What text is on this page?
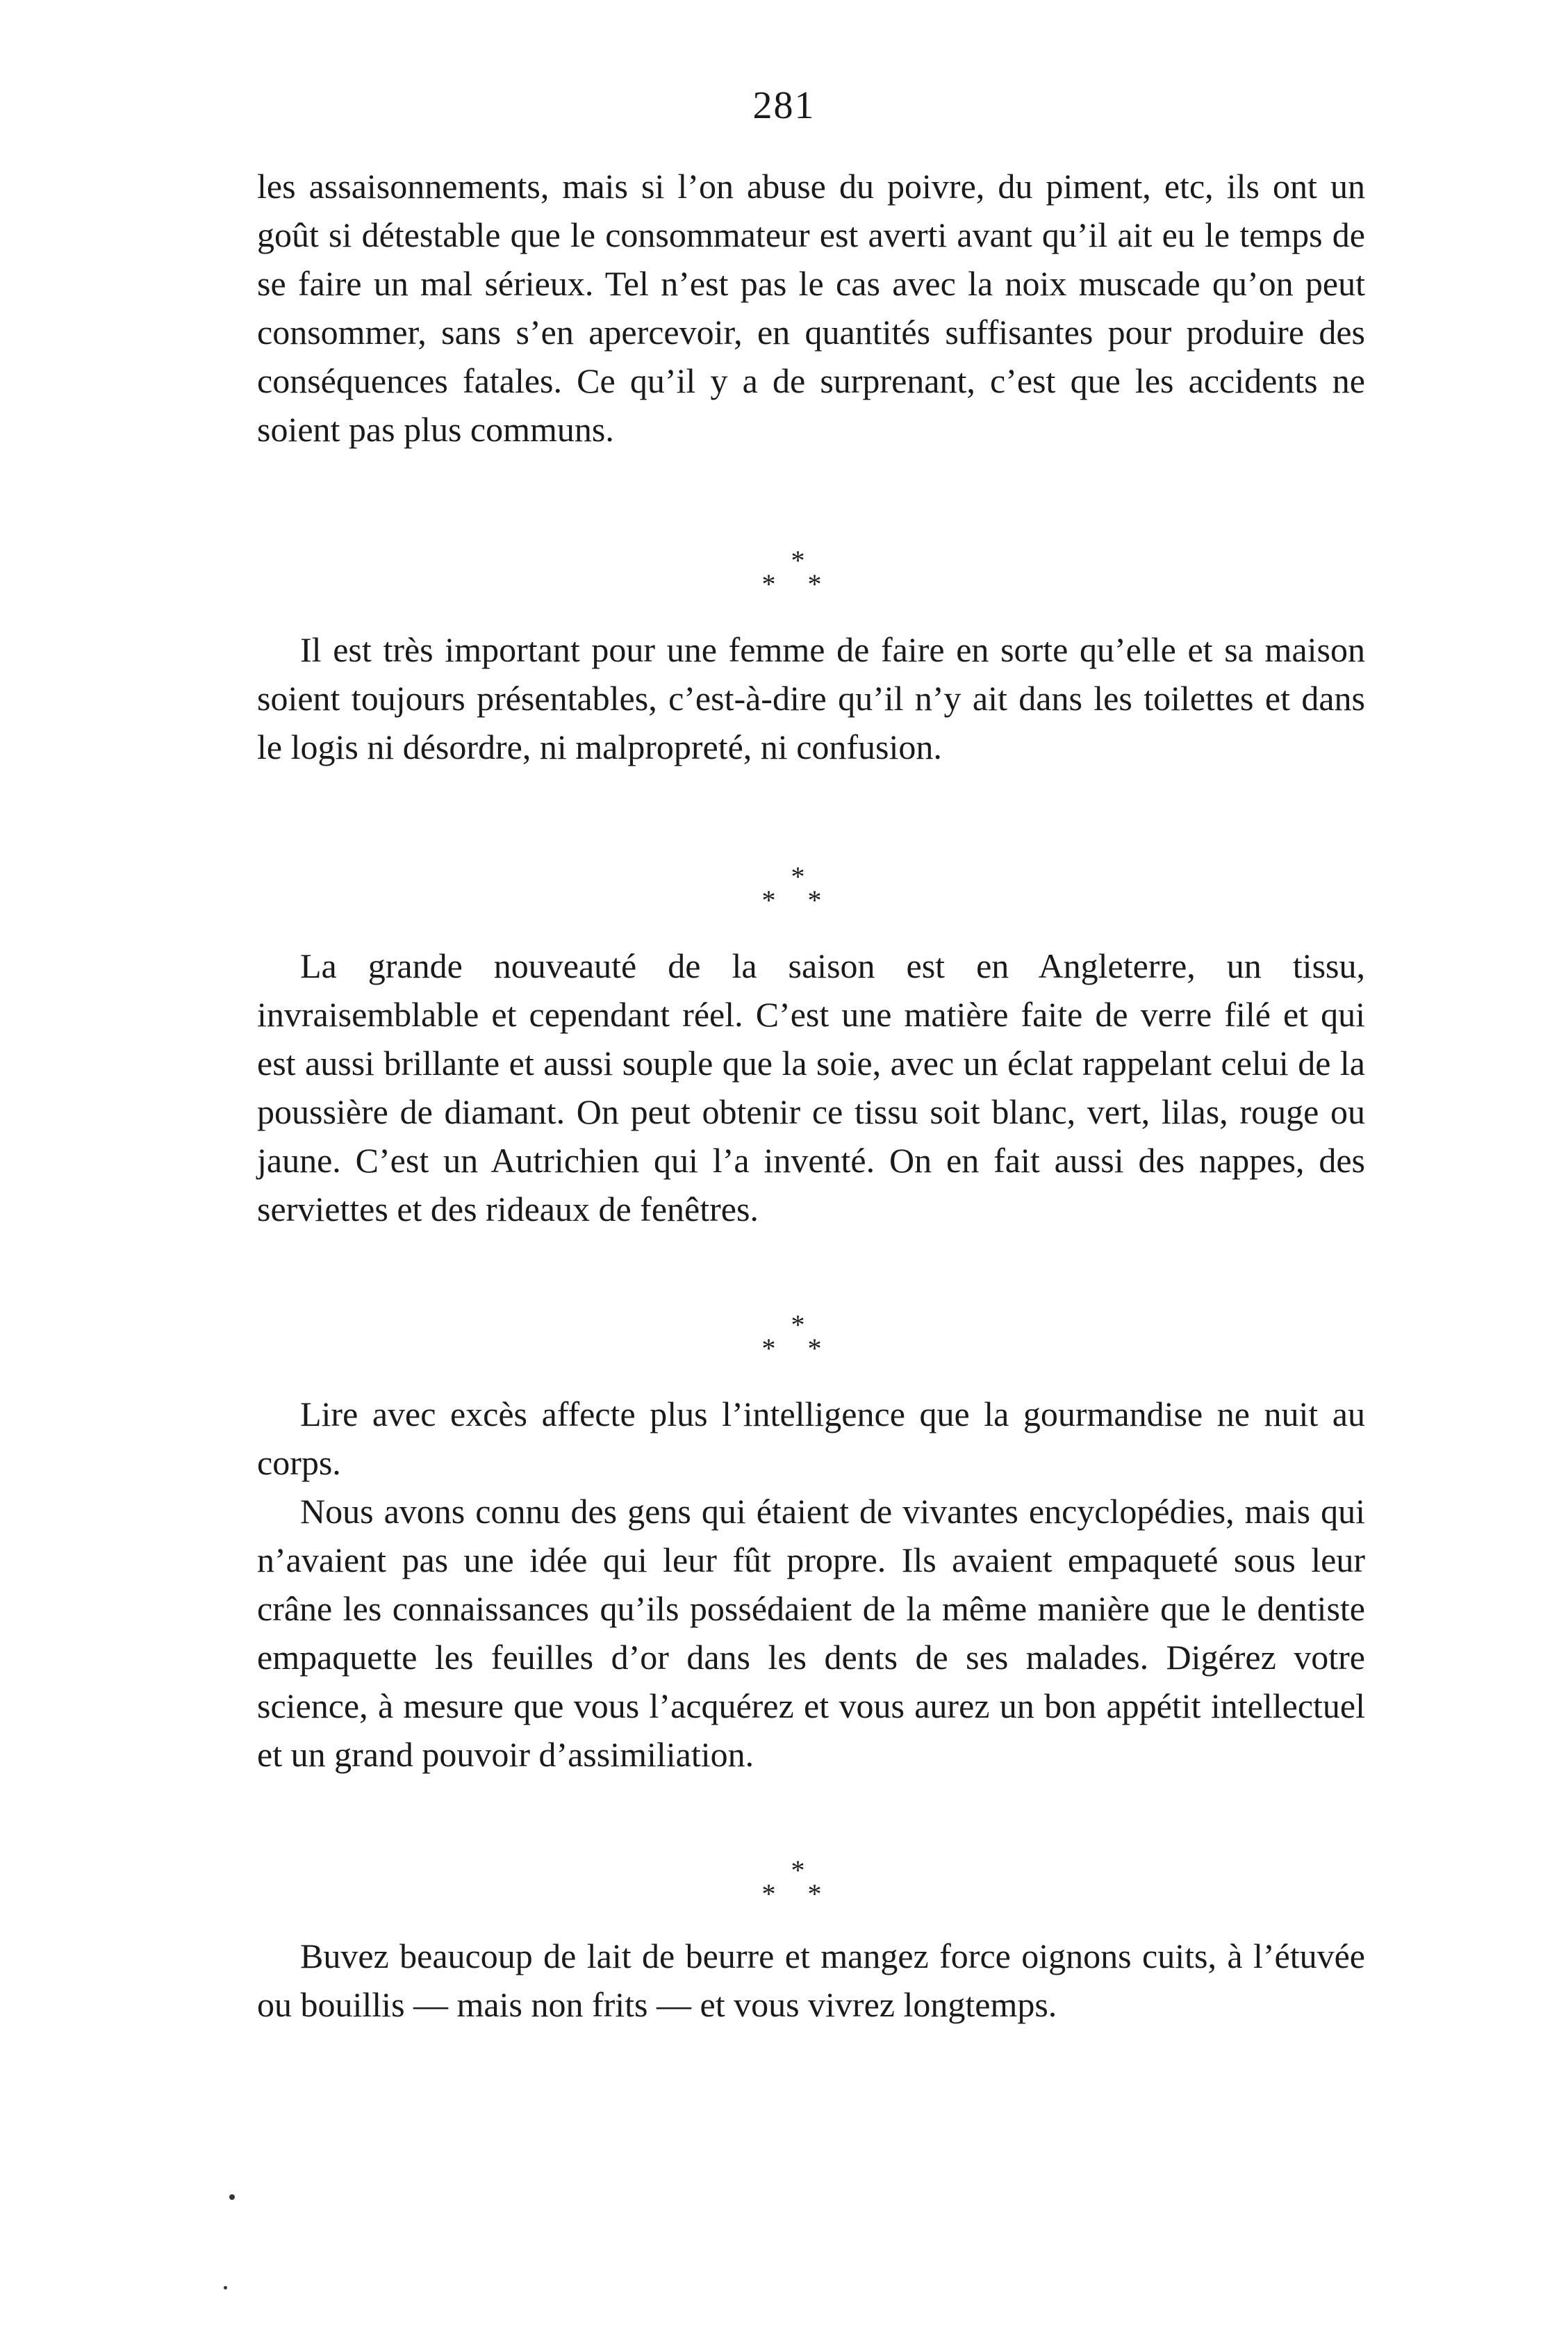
281

les assaisonnements, mais si l’on abuse du poivre, du piment, etc, ils ont un goût si détestable que le consommateur est averti avant qu’il ait eu le temps de se faire un mal sérieux. Tel n’est pas le cas avec la noix muscade qu’on peut consommer, sans s’en apercevoir, en quantités suffisantes pour produire des conséquences fatales. Ce qu’il y a de surprenant, c’est que les accidents ne soient pas plus communs.

*
* *

Il est très important pour une femme de faire en sorte qu’elle et sa maison soient toujours présentables, c’est-à-dire qu’il n’y ait dans les toilettes et dans le logis ni désordre, ni malpropreté, ni confusion.

*
* *

La grande nouveauté de la saison est en Angleterre, un tissu, invraisemblable et cependant réel. C’est une matière faite de verre filé et qui est aussi brillante et aussi souple que la soie, avec un éclat rappelant celui de la poussière de diamant. On peut obtenir ce tissu soit blanc, vert, lilas, rouge ou jaune. C’est un Autrichien qui l’a inventé. On en fait aussi des nappes, des serviettes et des rideaux de fenêtres.

*
* *

Lire avec excès affecte plus l’intelligence que la gourmandise ne nuit au corps.

Nous avons connu des gens qui étaient de vivantes encyclopédies, mais qui n’avaient pas une idée qui leur fût propre. Ils avaient empaqueté sous leur crâne les connaissances qu’ils possédaient de la même manière que le dentiste empaquette les feuilles d’or dans les dents de ses malades. Digérez votre science, à mesure que vous l’acquérez et vous aurez un bon appétit intellectuel et un grand pouvoir d’assimiliation.

*
* *

Buvez beaucoup de lait de beurre et mangez force oignons cuits, à l’étuvée ou bouillis — mais non frits — et vous vivrez longtemps.
